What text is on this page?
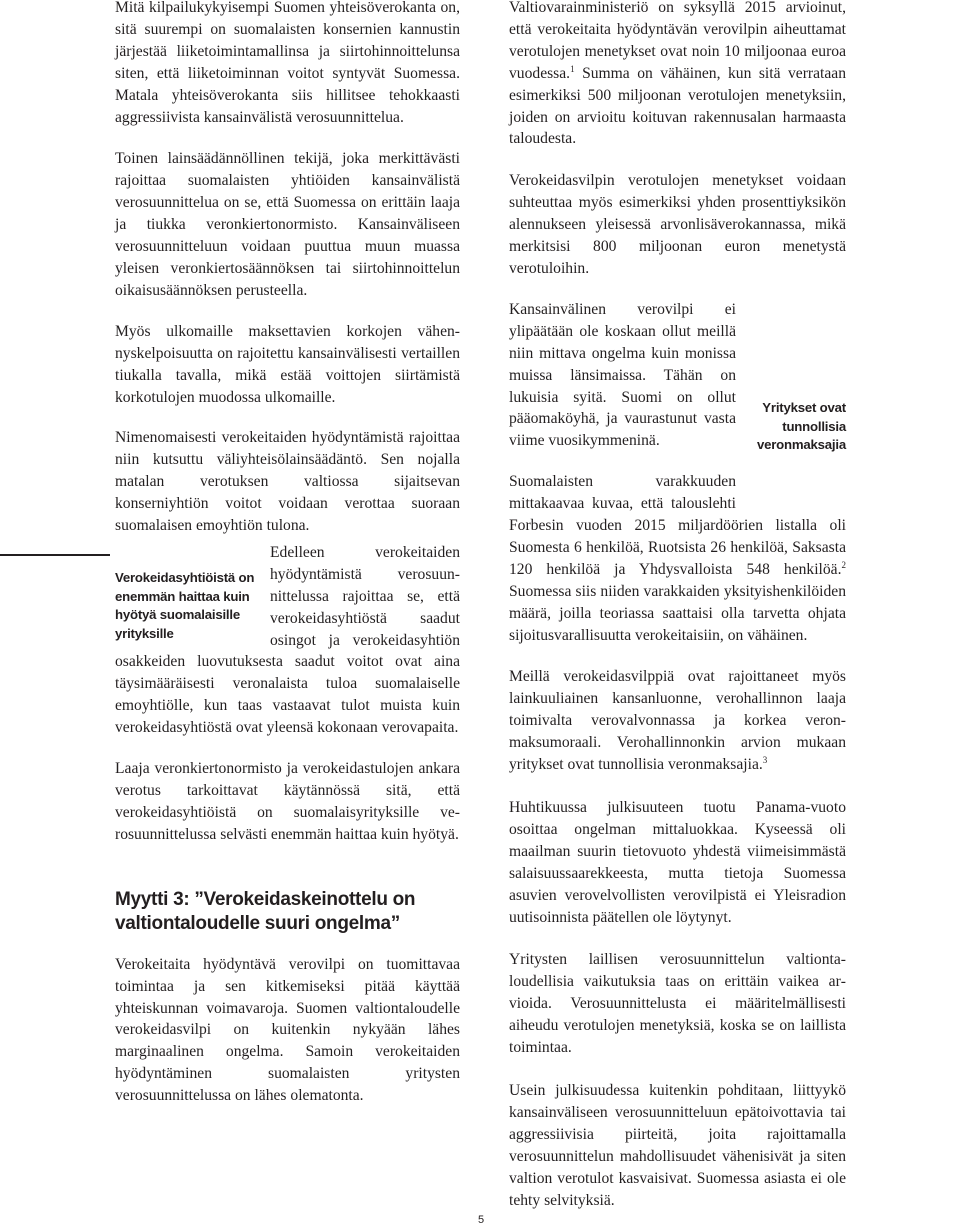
Mitä kilpailukykyisempi Suomen yhteisöverokanta on, sitä suurempi on suomalaisten konsernien kannustin järjestää liiketoimintamallinsa ja siirtohinnoittelunsa siten, että liiketoiminnan voitot syntyvät Suomessa. Matala yhteisöverokanta siis hillitsee tehokkaasti aggressiivista kansainvälistä verosuunnittelua.

Toinen lainsäädännöllinen tekijä, joka merkittävästi rajoittaa suomalaisten yhtiöiden kansainvälistä verosuunnittelua on se, että Suomessa on erittäin laaja ja tiukka veronkiertonormisto. Kansainväliseen verosuunnitteluun voidaan puuttua muun muassa yleisen veronkiertosäännöksen tai siirtohinnoittelun oikaisusäännöksen perusteella.

Myös ulkomaille maksettavien korkojen vähennyskelpoisuutta on rajoitettu kansainvälisesti vertaillen tiukalla tavalla, mikä estää voittojen siirtämistä korkotulojen muodossa ulkomaille.

Nimenomaisesti verokeitaiden hyödyntämistä rajoittaa niin kutsuttu väliyhteisölainsäädäntö. Sen nojalla matalan verotuksen valtiossa sijaitsevan konserniyhtiön voitot voidaan verottaa suoraan suomalaisen emoyhtiön tulona.

Edelleen verokeitaiden hyödyntämistä verosuunnittelussa rajoittaa se, että verokeidasyhtiöstä saadut osingot ja verokeidasyhtiön osakkeiden luovutuksesta saadut voitot ovat aina täysimääräisesti veronalaista tuloa suomalaiselle emoyhtiölle, kun taas vastaavat tulot muista kuin verokeidasyhtiöstä ovat yleensä kokonaan verovapaita.

Laaja veronkiertonormisto ja verokeidastulojen ankara verotus tarkoittavat käytännössä sitä, että verokeidasyhtiöistä on suomalaisyrityksille verosuunnittelussa selvästi enemmän haittaa kuin hyötyä.

Myytti 3: ”Verokeidaskeinottelu on valtiontaloudelle suuri ongelma”

Verokeitaita hyödyntävä verovilpi on tuomittavaa toimintaa ja sen kitkemiseksi pitää käyttää yhteiskunnan voimavaroja. Suomen valtiontaloudelle verokeidasvilpi on kuitenkin nykyään lähes marginaalinen ongelma. Samoin verokeitaiden hyödyntäminen suomalaisten yritysten verosuunnittelussa on lähes olematonta.

Verokeidasyhtiöistä on enemmän haittaa kuin hyötyä suomalaisille yrityksille

Valtiovarainministeriö on syksyllä 2015 arvioinut, että verokeitaita hyödyntävän verovilpin aiheuttamat verotulojen menetykset ovat noin 10 miljoonaa euroa vuodessa.$^1$ Summa on vähäinen, kun sitä verrataan esimerkiksi 500 miljoonan verotulojen menetyksiin, joiden on arvioitu koituvan rakennusalan harmaasta taloudesta.

Verokeidasvilpin verotulojen menetykset voidaan suhteuttaa myös esimerkiksi yhden prosenttiyksikön alennukseen yleisessä arvonlisäverokannassa, mikä merkitsisi 800 miljoonan euron menetystä verotuloihin.

Kansainvälinen verovilpi ei ylipäätään ole koskaan ollut meillä niin mittava ongelma kuin monissa muissa länsimaissa. Tähän on lukuisia syitä. Suomi on ollut pääomaköyhä, ja vaurastunut vasta viime vuosikymmeninä.

Suomalaisten varakkuuden mittakaavaa kuvaa, että talouslehti Forbesin vuoden 2015 miljardöörien listalla oli Suomesta 6 henkilöä, Ruotsista 26 henkilöä, Saksasta 120 henkilöä ja Yhdysvalloista 548 henkilöä.$^2$ Suomessa siis niiden varakkaiden yksityishenkilöiden määrä, joilla teoriassa saattaisi olla tarvetta ohjata sijoitusvarallisuutta verokeitaisiin, on vähäinen.

Meillä verokeidasvilppiä ovat rajoittaneet myös lainkuuliainen kansanluonne, verohallinnon laaja toimivalta verovalvonnassa ja korkea veronmaksumoraali. Verohallinnonkin arvion mukaan yritykset ovat tunnollisia veronmaksajia.$^3$

Huhtikuussa julkisuuteen tuotu Panama-vuoto osoittaa ongelman mittaluokkaa. Kyseessä oli maailman suurin tietovuoto yhdestä viimeisimmästä salaisuussaarekkeesta, mutta tietoja Suomessa asuvien verovelvollisten verovilpistä ei Yleisradion uutisoinnista päätellen ole löytynyt.

Yritysten laillisen verosuunnittelun valtiontaloudellisia vaikutuksia taas on erittäin vaikea arvioida. Verosuunnittelusta ei määritelmällisesti aiheudu verotulojen menetyksiä, koska se on laillista toimintaa.

Usein julkisuudessa kuitenkin pohditaan, liittyykö kansainväliseen verosuunnitteluun epätoivottavia tai aggressiivisia piirteitä, joita rajoittamalla verosuunnittelun mahdollisuudet vähenisivät ja siten valtion verotulot kasvaisivat. Suomessa asiasta ei ole tehty selvityksiä.

Yritykset ovat tunnollisia veronmaksajia
5
